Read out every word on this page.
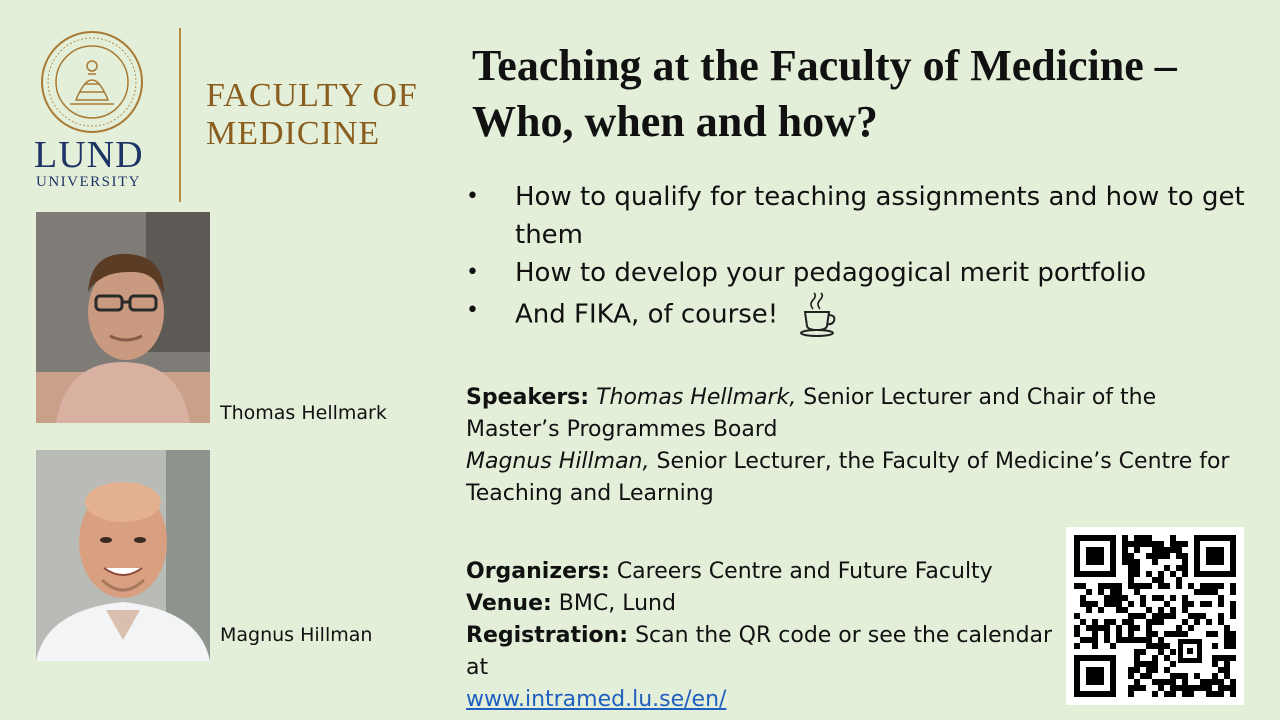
LUND
UNIVERSITY
FACULTY OF
MEDICINE
Teaching at the Faculty of Medicine – Who, when and how?
• How to qualify for teaching assignments and how to get them
• How to develop your pedagogical merit portfolio
• And FIKA, of course!
Speakers: Thomas Hellmark, Senior Lecturer and Chair of the Master’s Programmes Board
Magnus Hillman, Senior Lecturer, the Faculty of Medicine’s Centre for Teaching and Learning
Organizers: Careers Centre and Future Faculty
Venue: BMC, Lund
Registration: Scan the QR code or see the calendar at
www.intramed.lu.se/en/
Thomas Hellmark
Magnus Hillman
